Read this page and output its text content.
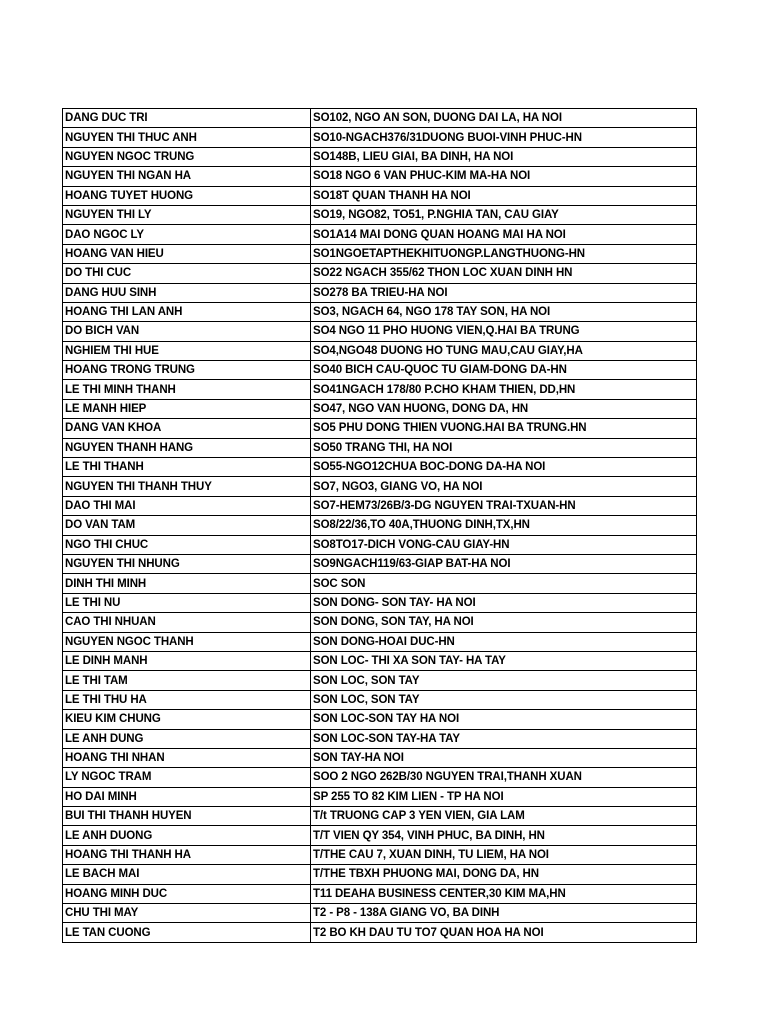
DANG DUC TRI	SO102, NGO AN SON, DUONG DAI LA, HA NOI
NGUYEN THI THUC ANH	SO10-NGACH376/31DUONG BUOI-VINH PHUC-HN
NGUYEN NGOC TRUNG	SO148B, LIEU GIAI, BA DINH, HA NOI
NGUYEN THI NGAN HA	SO18 NGO 6 VAN PHUC-KIM MA-HA NOI
HOANG TUYET HUONG	SO18T QUAN THANH HA NOI
NGUYEN THI LY	SO19, NGO82, TO51, P.NGHIA TAN, CAU GIAY
DAO NGOC LY	SO1A14 MAI DONG QUAN HOANG MAI HA NOI
HOANG VAN HIEU	SO1NGOETAPTHEKHITUONGP.LANGTHUONG-HN
DO THI CUC	SO22 NGACH 355/62 THON LOC XUAN DINH HN
DANG HUU SINH	SO278 BA TRIEU-HA NOI
HOANG THI LAN ANH	SO3, NGACH 64, NGO 178 TAY SON, HA NOI
DO BICH VAN	SO4 NGO 11 PHO HUONG VIEN,Q.HAI BA TRUNG
NGHIEM THI HUE	SO4,NGO48 DUONG HO TUNG MAU,CAU GIAY,HA
HOANG TRONG TRUNG	SO40 BICH CAU-QUOC TU GIAM-DONG DA-HN
LE THI MINH THANH	SO41NGACH 178/80 P.CHO KHAM THIEN, DD,HN
LE MANH HIEP	SO47, NGO VAN HUONG, DONG DA, HN
DANG VAN KHOA	SO5 PHU DONG THIEN VUONG.HAI BA TRUNG.HN
NGUYEN THANH HANG	SO50 TRANG THI, HA NOI
LE THI THANH	SO55-NGO12CHUA BOC-DONG DA-HA NOI
NGUYEN THI THANH THUY	SO7, NGO3, GIANG VO, HA NOI
DAO THI MAI	SO7-HEM73/26B/3-DG NGUYEN TRAI-TXUAN-HN
DO VAN TAM	SO8/22/36,TO 40A,THUONG DINH,TX,HN
NGO THI CHUC	SO8TO17-DICH VONG-CAU GIAY-HN
NGUYEN THI NHUNG	SO9NGACH119/63-GIAP BAT-HA NOI
DINH THI MINH	SOC SON
LE THI NU	SON DONG- SON TAY- HA NOI
CAO THI NHUAN	SON DONG, SON TAY, HA NOI
NGUYEN NGOC THANH	SON DONG-HOAI DUC-HN
LE DINH MANH	SON LOC- THI XA SON TAY- HA TAY
LE THI TAM	SON LOC, SON TAY
LE THI THU HA	SON LOC, SON TAY
KIEU KIM CHUNG	SON LOC-SON TAY HA NOI
LE ANH DUNG	SON LOC-SON TAY-HA TAY
HOANG THI NHAN	SON TAY-HA NOI
LY NGOC TRAM	SOO 2 NGO 262B/30 NGUYEN TRAI,THANH XUAN
HO DAI MINH	SP 255 TO 82 KIM LIEN - TP HA NOI
BUI THI THANH HUYEN	T/t TRUONG CAP 3 YEN VIEN, GIA LAM
LE ANH DUONG	T/T VIEN QY 354, VINH PHUC, BA DINH, HN
HOANG THI THANH HA	T/THE CAU 7, XUAN DINH, TU LIEM, HA NOI
LE BACH MAI	T/THE TBXH PHUONG MAI, DONG DA, HN
HOANG MINH DUC	T11 DEAHA BUSINESS CENTER,30 KIM MA,HN
CHU THI MAY	T2 - P8 - 138A GIANG VO, BA DINH
LE TAN CUONG	T2 BO KH DAU TU TO7 QUAN HOA HA NOI
